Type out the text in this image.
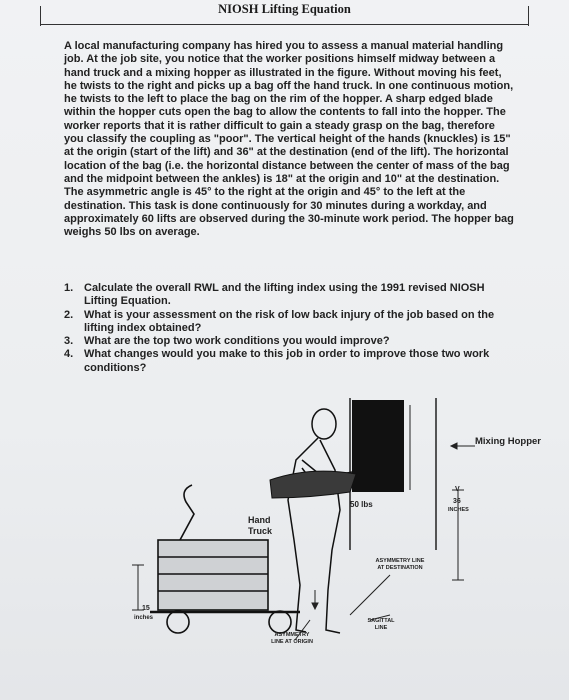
NIOSH Lifting Equation

A local manufacturing company has hired you to assess a manual material handling job. At the job site, you notice that the worker positions himself midway between a hand truck and a mixing hopper as illustrated in the figure. Without moving his feet, he twists to the right and picks up a bag off the hand truck. In one continuous motion, he twists to the left to place the bag on the rim of the hopper. A sharp edged blade within the hopper cuts open the bag to allow the contents to fall into the hopper. The worker reports that it is rather difficult to gain a steady grasp on the bag, therefore you classify the coupling as "poor". The vertical height of the hands (knuckles) is 15" at the origin (start of the lift) and 36" at the destination (end of the lift). The horizontal location of the bag (i.e. the horizontal distance between the center of mass of the bag and the midpoint between the ankles) is 18" at the origin and 10" at the destination. The asymmetric angle is 45° to the right at the origin and 45° to the left at the destination. This task is done continuously for 30 minutes during a workday, and approximately 60 lifts are observed during the 30-minute work period. The hopper bag weighs 50 lbs on average.

1. Calculate the overall RWL and the lifting index using the 1991 revised NIOSH Lifting Equation.
2. What is your assessment on the risk of low back injury of the job based on the lifting index obtained?
3. What are the top two work conditions you would improve?
4. What changes would you make to this job in order to improve those two work conditions?
Mixing Hopper
50 lbs
V
36
INCHES
Hand Truck
15
inches
ASYMMETRY LINE AT DESTINATION
SAGITTAL LINE
ASYMMETRY LINE AT ORIGIN
